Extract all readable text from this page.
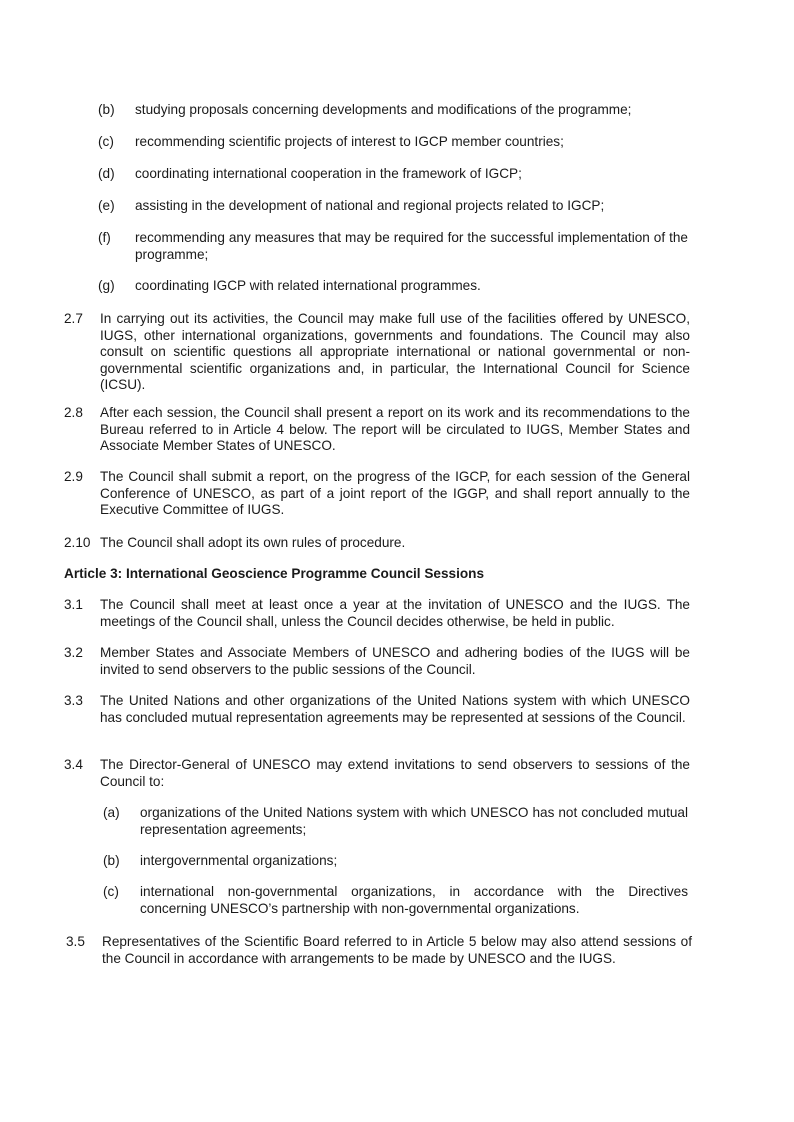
(b)	studying proposals concerning developments and modifications of the programme;
(c)	recommending scientific projects of interest to IGCP member countries;
(d)	coordinating international cooperation in the framework of IGCP;
(e)	assisting in the development of national and regional projects related to IGCP;
(f)	recommending any measures that may be required for the successful implementation of the programme;
(g)	coordinating IGCP with related international programmes.
2.7	In carrying out its activities, the Council may make full use of the facilities offered by UNESCO, IUGS, other international organizations, governments and foundations. The Council may also consult on scientific questions all appropriate international or national governmental or non-governmental scientific organizations and, in particular, the International Council for Science (ICSU).
2.8	After each session, the Council shall present a report on its work and its recommendations to the Bureau referred to in Article 4 below. The report will be circulated to IUGS, Member States and Associate Member States of UNESCO.
2.9	The Council shall submit a report, on the progress of the IGCP, for each session of the General Conference of UNESCO, as part of a joint report of the IGGP, and shall report annually to the Executive Committee of IUGS.
2.10 The Council shall adopt its own rules of procedure.
Article 3: International Geoscience Programme Council Sessions
3.1	The Council shall meet at least once a year at the invitation of UNESCO and the IUGS. The meetings of the Council shall, unless the Council decides otherwise, be held in public.
3.2	Member States and Associate Members of UNESCO and adhering bodies of the IUGS will be invited to send observers to the public sessions of the Council.
3.3	The United Nations and other organizations of the United Nations system with which UNESCO has concluded mutual representation agreements may be represented at sessions of the Council.
3.4	The Director-General of UNESCO may extend invitations to send observers to sessions of the Council to:
(a)	organizations of the United Nations system with which UNESCO has not concluded mutual representation agreements;
(b)	intergovernmental organizations;
(c)	international non-governmental organizations, in accordance with the Directives concerning UNESCO’s partnership with non-governmental organizations.
3.5	Representatives of the Scientific Board referred to in Article 5 below may also attend sessions of the Council in accordance with arrangements to be made by UNESCO and the IUGS.
